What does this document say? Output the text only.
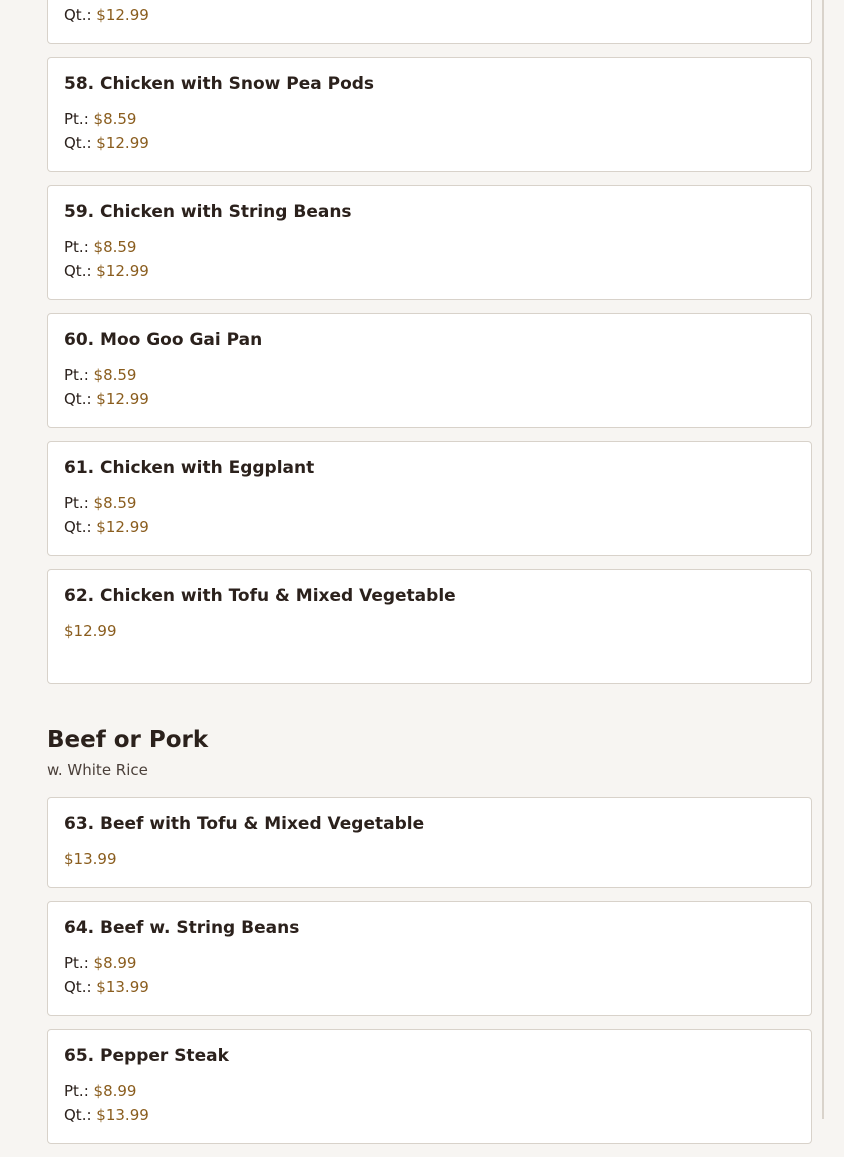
Qt.: $12.99
58. Chicken with Snow Pea Pods
Pt.: $8.59
Qt.: $12.99
59. Chicken with String Beans
Pt.: $8.59
Qt.: $12.99
60. Moo Goo Gai Pan
Pt.: $8.59
Qt.: $12.99
61. Chicken with Eggplant
Pt.: $8.59
Qt.: $12.99
62. Chicken with Tofu & Mixed Vegetable
$12.99
Beef or Pork
w. White Rice
63. Beef with Tofu & Mixed Vegetable
$13.99
64. Beef w. String Beans
Pt.: $8.99
Qt.: $13.99
65. Pepper Steak
Pt.: $8.99
Qt.: $13.99
